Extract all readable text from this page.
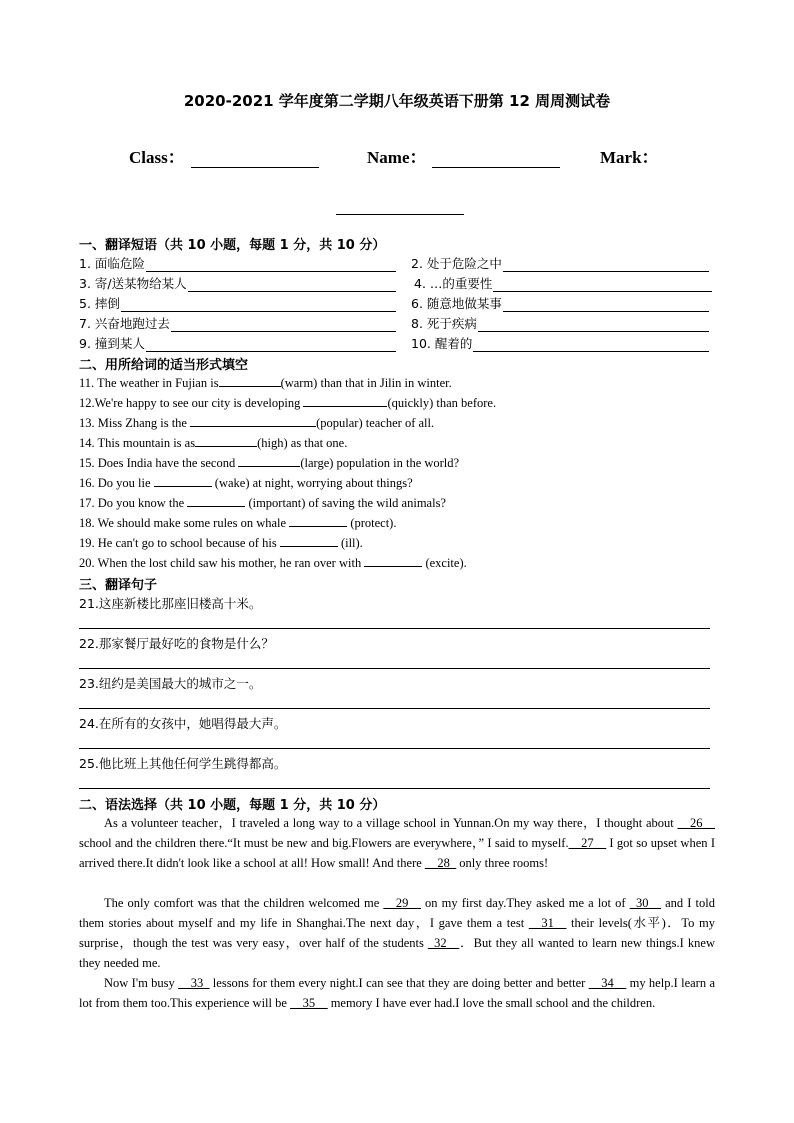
2020-2021 学年度第二学期八年级英语下册第 12 周周测试卷
Class：	Name：	Mark：
一、翻译短语（共 10 小题，每题 1 分，共 10 分）
1. 面临危险	2. 处于危险之中
3. 寄/送某物给某人	4. …的重要性
5. 摔倒	6. 随意地做某事
7. 兴奋地跑过去	8. 死于疾病
9. 撞到某人	10. 醒着的
二、用所给词的适当形式填空
11. The weather in Fujian is	(warm) than that in Jilin in winter.
12.We're happy to see our city is developing	(quickly) than before.
13. Miss Zhang is the	(popular) teacher of all.
14. This mountain is as	(high) as that one.
15. Does India have the second	(large) population in the world?
16. Do you lie	(wake) at night, worrying about things?
17. Do you know the	(important) of saving the wild animals?
18. We should make some rules on whale	(protect).
19. He can't go to school because of his	(ill).
20. When the lost child saw his mother, he ran over with	(excite).
三、翻译句子
21.这座新楼比那座旧楼高十米。
22.那家餐厅最好吃的食物是什么？
23.纽约是美国最大的城市之一。
24.在所有的女孩中，她唱得最大声。
25.他比班上其他任何学生跳得都高。
二、语法选择（共 10 小题，每题 1 分，共 10 分）
As a volunteer teacher，I traveled a long way to a village school in Yunnan.On my way there，I thought about __26__ school and the children there.“It must be new and big.Flowers are everywhere，” I said to myself.__27__ I got so upset when I arrived there.It didn't look like a school at all! How small! And there __28_ only three rooms!
The only comfort was that the children welcomed me __29__ on my first day.They asked me a lot of _30__ and I told them stories about myself and my life in Shanghai.The next day，I gave them a test __31__ their levels(水平)．To my surprise，though the test was very easy，over half of the students _32__．But they all wanted to learn new things.I knew they needed me.
Now I'm busy __33_ lessons for them every night.I can see that they are doing better and better __34__ my help.I learn a lot from them too.This experience will be __35__ memory I have ever had.I love the small school and the children.
